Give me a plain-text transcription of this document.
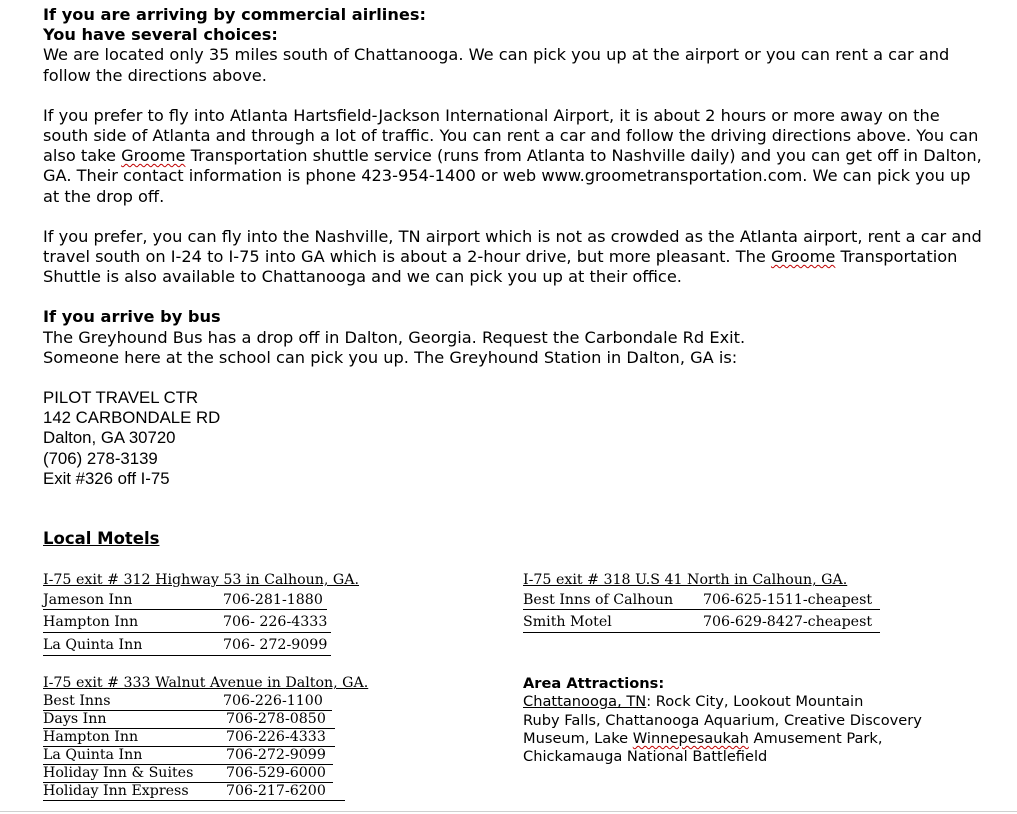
If you are arriving by commercial airlines:

You have several choices:

We are located only 35 miles south of Chattanooga. We can pick you up at the airport or you can rent a car and follow the directions above.

If you prefer to fly into Atlanta Hartsfield-Jackson International Airport, it is about 2 hours or more away on the south side of Atlanta and through a lot of traffic. You can rent a car and follow the driving directions above. You can also take Groome Transportation shuttle service (runs from Atlanta to Nashville daily) and you can get off in Dalton, GA. Their contact information is phone 423-954-1400 or web www.groometransportation.com. We can pick you up at the drop off.

If you prefer, you can fly into the Nashville, TN airport which is not as crowded as the Atlanta airport, rent a car and travel south on I-24 to I-75 into GA which is about a 2-hour drive, but more pleasant. The Groome Transportation Shuttle is also available to Chattanooga and we can pick you up at their office.

If you arrive by bus

The Greyhound Bus has a drop off in Dalton, Georgia. Request the Carbondale Rd Exit.

Someone here at the school can pick you up. The Greyhound Station in Dalton, GA is:

PILOT TRAVEL CTR

142 CARBONDALE RD

Dalton, GA 30720

(706) 278-3139

Exit #326 off I-75

Local Motels

I-75 exit # 312 Highway 53 in Calhoun, GA.
Jameson Inn	706-281-1880
Hampton Inn	706- 226-4333
La Quinta Inn	706- 272-9099
I-75 exit # 333 Walnut Avenue in Dalton, GA.
Best Inns	706-226-1100
Days Inn	706-278-0850
Hampton Inn	706-226-4333
La Quinta Inn	706-272-9099
Holiday Inn & Suites 706-529-6000
Holiday Inn Express	706-217-6200
I-75 exit # 318 U.S 41 North in Calhoun, GA.
Best Inns of Calhoun 706-625-1511-cheapest
Smith Motel	706-629-8427-cheapest
Area Attractions:
Chattanooga, TN: Rock City, Lookout Mountain
Ruby Falls, Chattanooga Aquarium, Creative Discovery
Museum, Lake Winnepesaukah Amusement Park,
Chickamauga National Battlefield
